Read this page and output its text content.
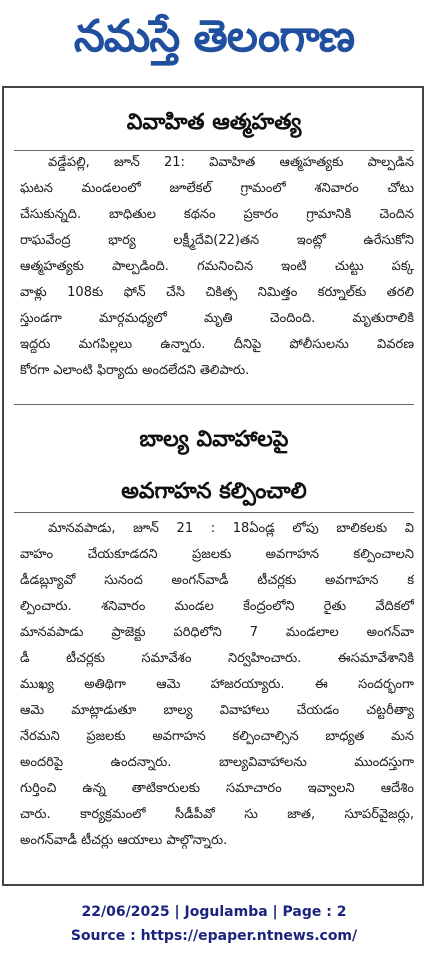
నమస్తే తెలంగాణ
వివాహిత ఆత్మహత్య
వడ్డేపల్లి, జూన్ 21: వివాహిత ఆత్మహత్యకు పాల్పడిన
ఘటన మండలంలో జూలేకల్ గ్రామంలో శనివారం చోటు
చేసుకున్నది. బాధితుల కథనం ప్రకారం గ్రామానికి చెందిన
రాఘవేంద్ర భార్య లక్ష్మీదేవి(22)తన ఇంట్లో ఉరేసుకోని
ఆత్మహత్యకు పాల్పడింది. గమనించిన ఇంటి చుట్టు పక్క
వాళ్లు 108కు ఫోన్ చేసి చికిత్స నిమిత్తం కర్నూల్‌కు తరలి
స్తుండగా మార్గమధ్యలో మృతి చెందింది. మృతురాలికి
ఇద్దరు మగపిల్లలు ఉన్నారు. దీనిపై పోలీసులను వివరణ
కోరగా ఎలాంటి ఫిర్యాదు అందలేదని తెలిపారు.
బాల్య వివాహాలపై
అవగాహన కల్పించాలి
మానవపాడు, జూన్ 21 : 18ఏండ్ల లోపు బాలికలకు వి
వాహం చేయకూడదని ప్రజలకు అవగాహన కల్పించాలని
డీడబ్ల్యూవో సునంద అంగన్‌వాడీ టీచర్లకు అవగాహన క
ల్పించారు. శనివారం మండల కేంద్రంలోని రైతు వేదికలో
మానవపాడు ప్రాజెక్టు పరిధిలోని 7 మండలాల అంగన్‌వా
డీ టీచర్లకు సమావేశం నిర్వహించారు. ఈసమావేశానికి
ముఖ్య అతిథిగా ఆమె హాజరయ్యారు. ఈ సందర్భంగా
ఆమె మాట్లాడుతూ బాల్య వివాహాలు చేయడం చట్టరీత్యా
నేరమని ప్రజలకు అవగాహన కల్పించాల్సిన బాధ్యత మన
అందరిపై ఉందన్నారు. బాల్యవివాహాలను ముందస్తుగా
గుర్తించి ఉన్న తాటికారులకు సమాచారం ఇవ్వాలని ఆదేశిం
చారు. కార్యక్రమంలో సీడీపీవో సు జాత, సూపర్‌వైజర్లు,
అంగన్‌వాడీ టీచర్లు ఆయాలు పాల్గొన్నారు.
22/06/2025 | Jogulamba | Page : 2
Source : https://epaper.ntnews.com/
